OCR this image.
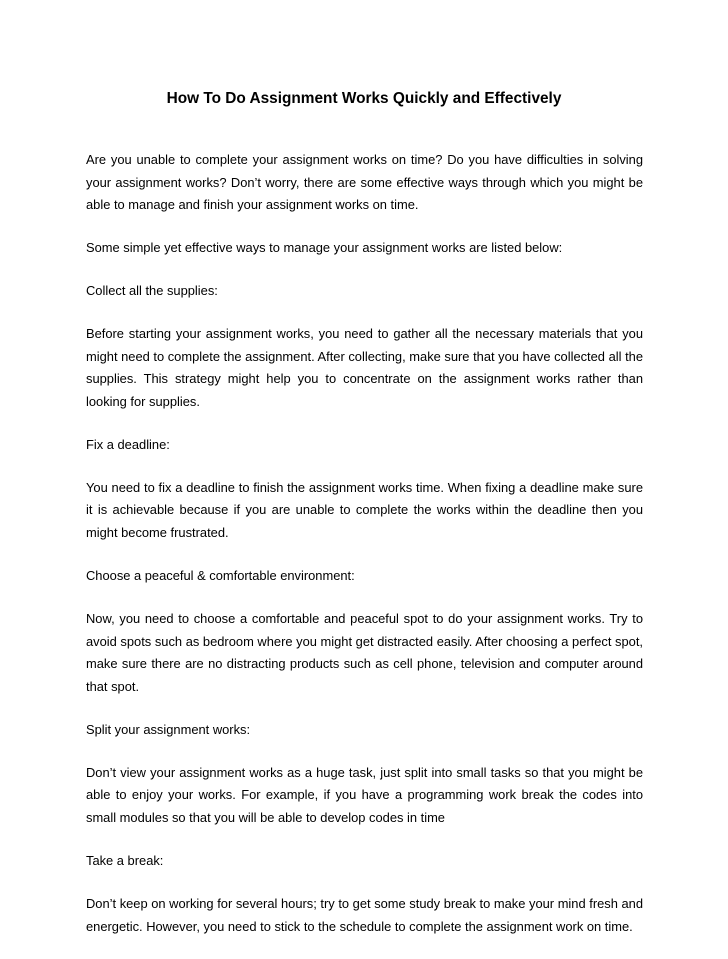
How To Do Assignment Works Quickly and Effectively

Are you unable to complete your assignment works on time? Do you have difficulties in solving your assignment works? Don’t worry, there are some effective ways through which you might be able to manage and finish your assignment works on time.

Some simple yet effective ways to manage your assignment works are listed below:

Collect all the supplies:

Before starting your assignment works, you need to gather all the necessary materials that you might need to complete the assignment. After collecting, make sure that you have collected all the supplies. This strategy might help you to concentrate on the assignment works rather than looking for supplies.

Fix a deadline:

You need to fix a deadline to finish the assignment works time. When fixing a deadline make sure it is achievable because if you are unable to complete the works within the deadline then you might become frustrated.

Choose a peaceful & comfortable environment:

Now, you need to choose a comfortable and peaceful spot to do your assignment works. Try to avoid spots such as bedroom where you might get distracted easily. After choosing a perfect spot, make sure there are no distracting products such as cell phone, television and computer around that spot.

Split your assignment works:

Don’t view your assignment works as a huge task, just split into small tasks so that you might be able to enjoy your works. For example, if you have a programming work break the codes into small modules so that you will be able to develop codes in time

Take a break:

Don’t keep on working for several hours; try to get some study break to make your mind fresh and energetic. However, you need to stick to the schedule to complete the assignment work on time.
